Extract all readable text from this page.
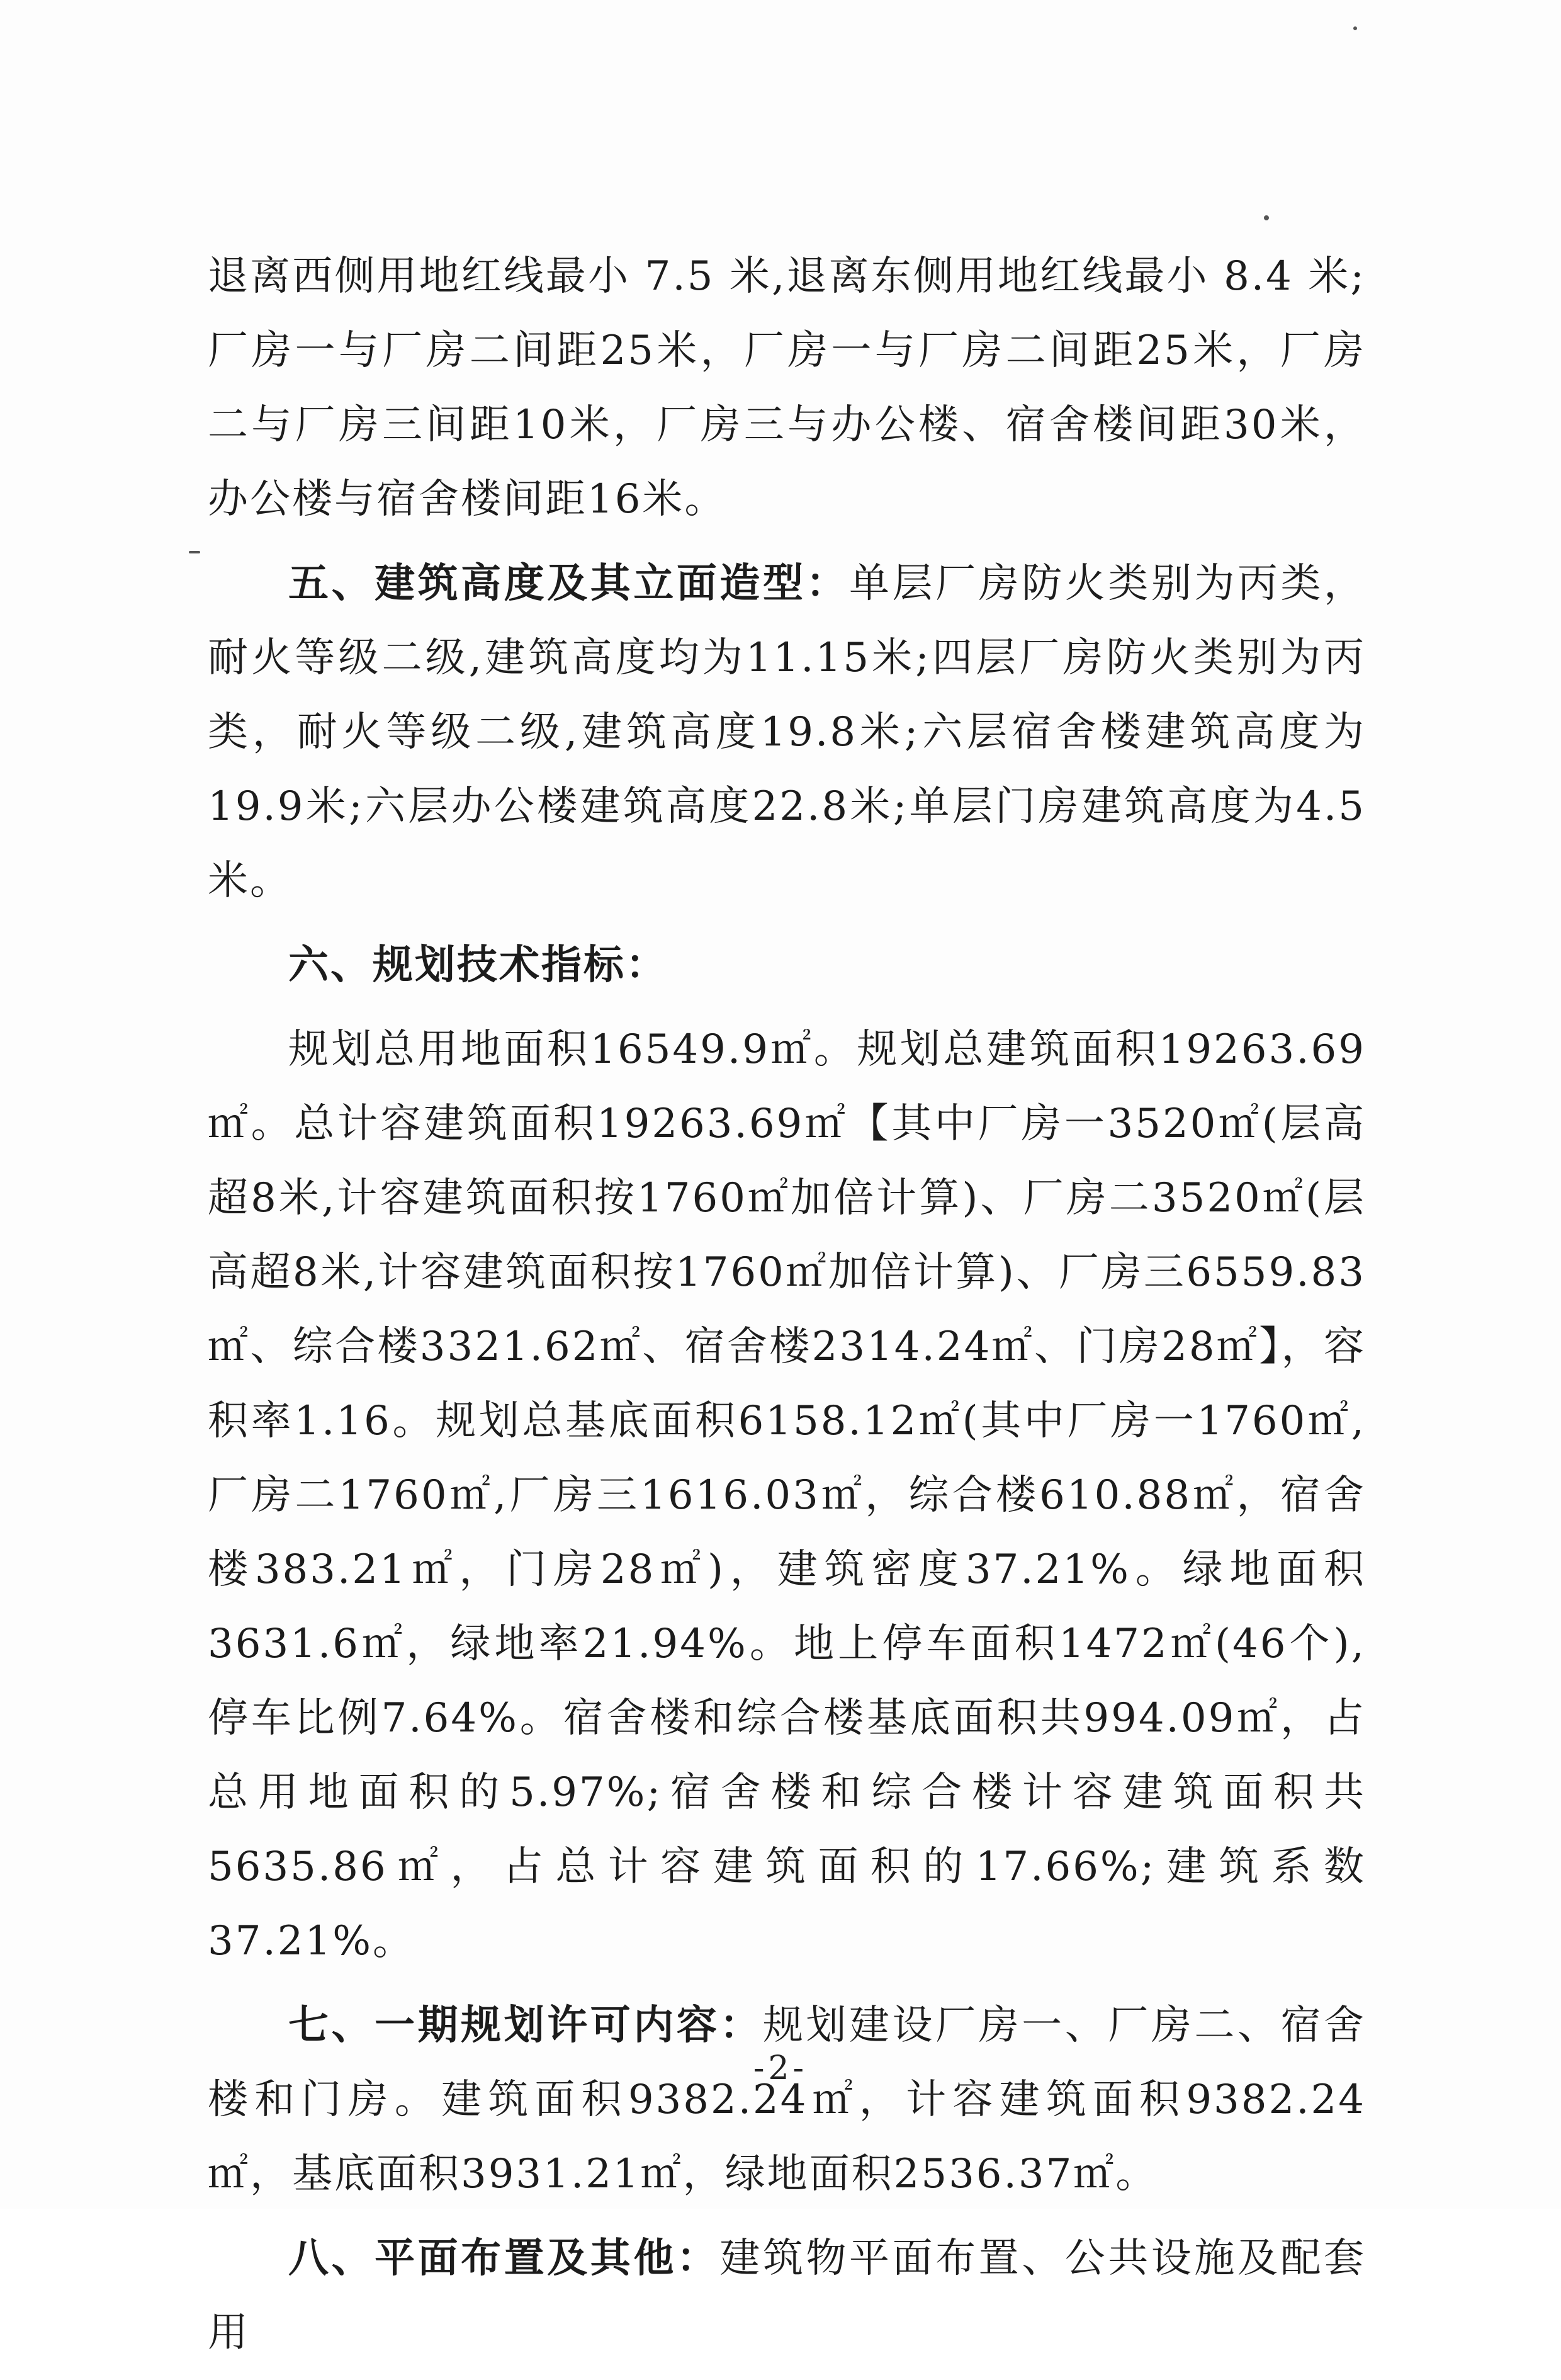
退离西侧用地红线最小 7.5 米,退离东侧用地红线最小 8.4 米;厂房一与厂房二间距25米，厂房一与厂房二间距25米，厂房二与厂房三间距10米，厂房三与办公楼、宿舍楼间距30米，办公楼与宿舍楼间距16米。

五、建筑高度及其立面造型：单层厂房防火类别为丙类，耐火等级二级,建筑高度均为11.15米;四层厂房防火类别为丙类，耐火等级二级,建筑高度19.8米;六层宿舍楼建筑高度为19.9米;六层办公楼建筑高度22.8米;单层门房建筑高度为4.5米。

六、规划技术指标：

规划总用地面积16549.9㎡。规划总建筑面积19263.69㎡。总计容建筑面积19263.69㎡【其中厂房一3520㎡(层高超8米,计容建筑面积按1760㎡加倍计算)、厂房二3520㎡(层高超8米,计容建筑面积按1760㎡加倍计算)、厂房三6559.83㎡、综合楼3321.62㎡、宿舍楼2314.24㎡、门房28㎡】，容积率1.16。规划总基底面积6158.12㎡(其中厂房一1760㎡,厂房二1760㎡,厂房三1616.03㎡，综合楼610.88㎡，宿舍楼383.21㎡，门房28㎡)，建筑密度37.21%。绿地面积3631.6㎡，绿地率21.94%。地上停车面积1472㎡(46个),停车比例7.64%。宿舍楼和综合楼基底面积共994.09㎡，占总用地面积的5.97%;宿舍楼和综合楼计容建筑面积共5635.86㎡，占总计容建筑面积的17.66%;建筑系数37.21%。

七、一期规划许可内容：规划建设厂房一、厂房二、宿舍楼和门房。建筑面积9382.24㎡，计容建筑面积9382.24㎡，基底面积3931.21㎡，绿地面积2536.37㎡。

八、平面布置及其他：建筑物平面布置、公共设施及配套用

-2-
